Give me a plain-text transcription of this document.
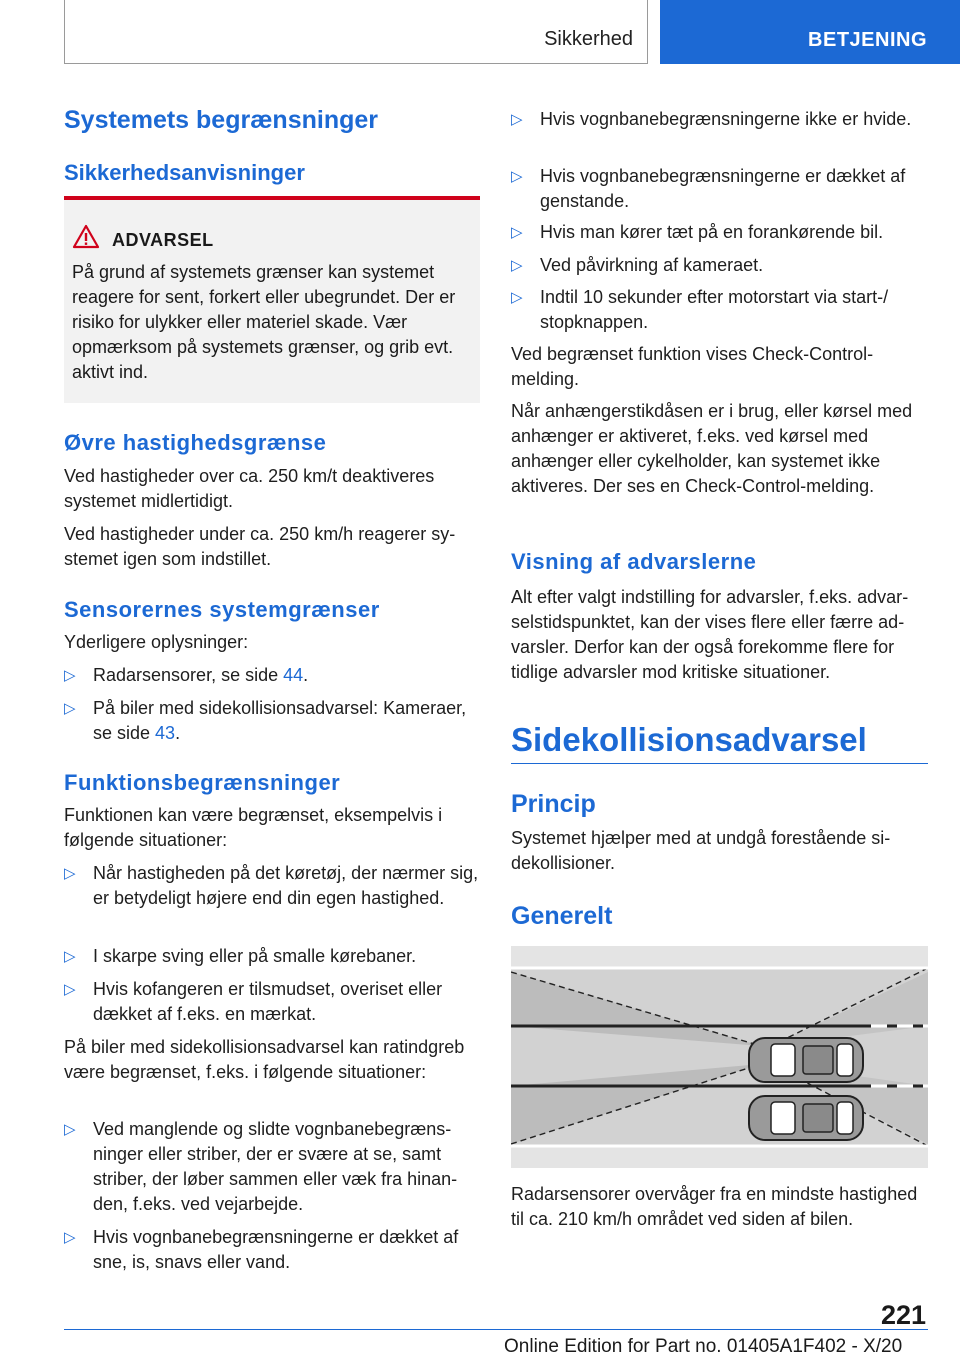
Sikkerhed	BETJENING
Systemets begrænsninger
Sikkerhedsanvisninger
ADVARSEL

På grund af systemets grænser kan systemet reagere for sent, forkert eller ubegrundet. Der er risiko for ulykker eller materiel skade. Vær opmærksom på systemets grænser, og grib evt. aktivt ind.

Øvre hastighedsgrænse

Ved hastigheder over ca. 250 km/t deaktiveres systemet midlertidigt.

Ved hastigheder under ca. 250 km/h reagerer systemet igen som indstillet.

Sensorernes systemgrænser

Yderligere oplysninger:

▷ Radarsensorer, se side 44.
▷ På biler med sidekollisionsadvarsel: Kameraer, se side 43.
Funktionsbegrænsninger

Funktionen kan være begrænset, eksempelvis i følgende situationer:

▷ Når hastigheden på det køretøj, der nærmer sig, er betydeligt højere end din egen hastighed.
▷ I skarpe sving eller på smalle kørebaner.
▷ Hvis kofangeren er tilsmudset, overiset eller dækket af f.eks. en mærkat.

På biler med sidekollisionsadvarsel kan ratindgreb være begrænset, f.eks. i følgende situationer:

▷ Ved manglende og slidte vognbanebegrænsninger eller striber, der er svære at se, samt striber, der løber sammen eller væk fra hinanden, f.eks. ved vejarbejde.
▷ Hvis vognbanebegrænsningerne er dækket af sne, is, snavs eller vand.
▷ Hvis vognbanebegrænsningerne ikke er hvide.
▷ Hvis vognbanebegrænsningerne er dækket af genstande.
▷ Hvis man kører tæt på en forankørende bil.
▷ Ved påvirkning af kameraet.
▷ Indtil 10 sekunder efter motorstart via start-/ stopknappen.

Ved begrænset funktion vises Check-Control-melding.

Når anhængerstikdåsen er i brug, eller kørsel med anhænger er aktiveret, f.eks. ved kørsel med anhænger eller cykelholder, kan systemet ikke aktiveres. Der ses en Check-Control-melding.

Visning af advarslerne

Alt efter valgt indstilling for advarsler, f.eks. advarselstidspunktet, kan der vises flere eller færre advarsler. Derfor kan der også forekomme flere for tidlige advarsler mod kritiske situationer.

Sidekollisionsadvarsel
Princip

Systemet hjælper med at undgå forestående sidekollisioner.

Generelt

Radarsensorer overvåger fra en mindste hastighed til ca. 210 km/h området ved siden af bilen.

221
Online Edition for Part no. 01405A1F402 - X/20
